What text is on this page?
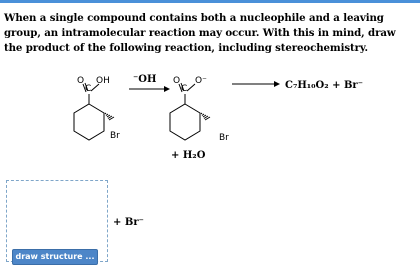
When a single compound contains both a nucleophile and a leaving group, an intramolecular reaction may occur. With this in mind, draw the product of the following reaction, including stereochemistry.
O
C
OH
Br
⁻OH O
C
O⁻
Br
+ H₂O
C₇H₁₀O₂ + Br⁻
+ Br⁻
draw structure ...
